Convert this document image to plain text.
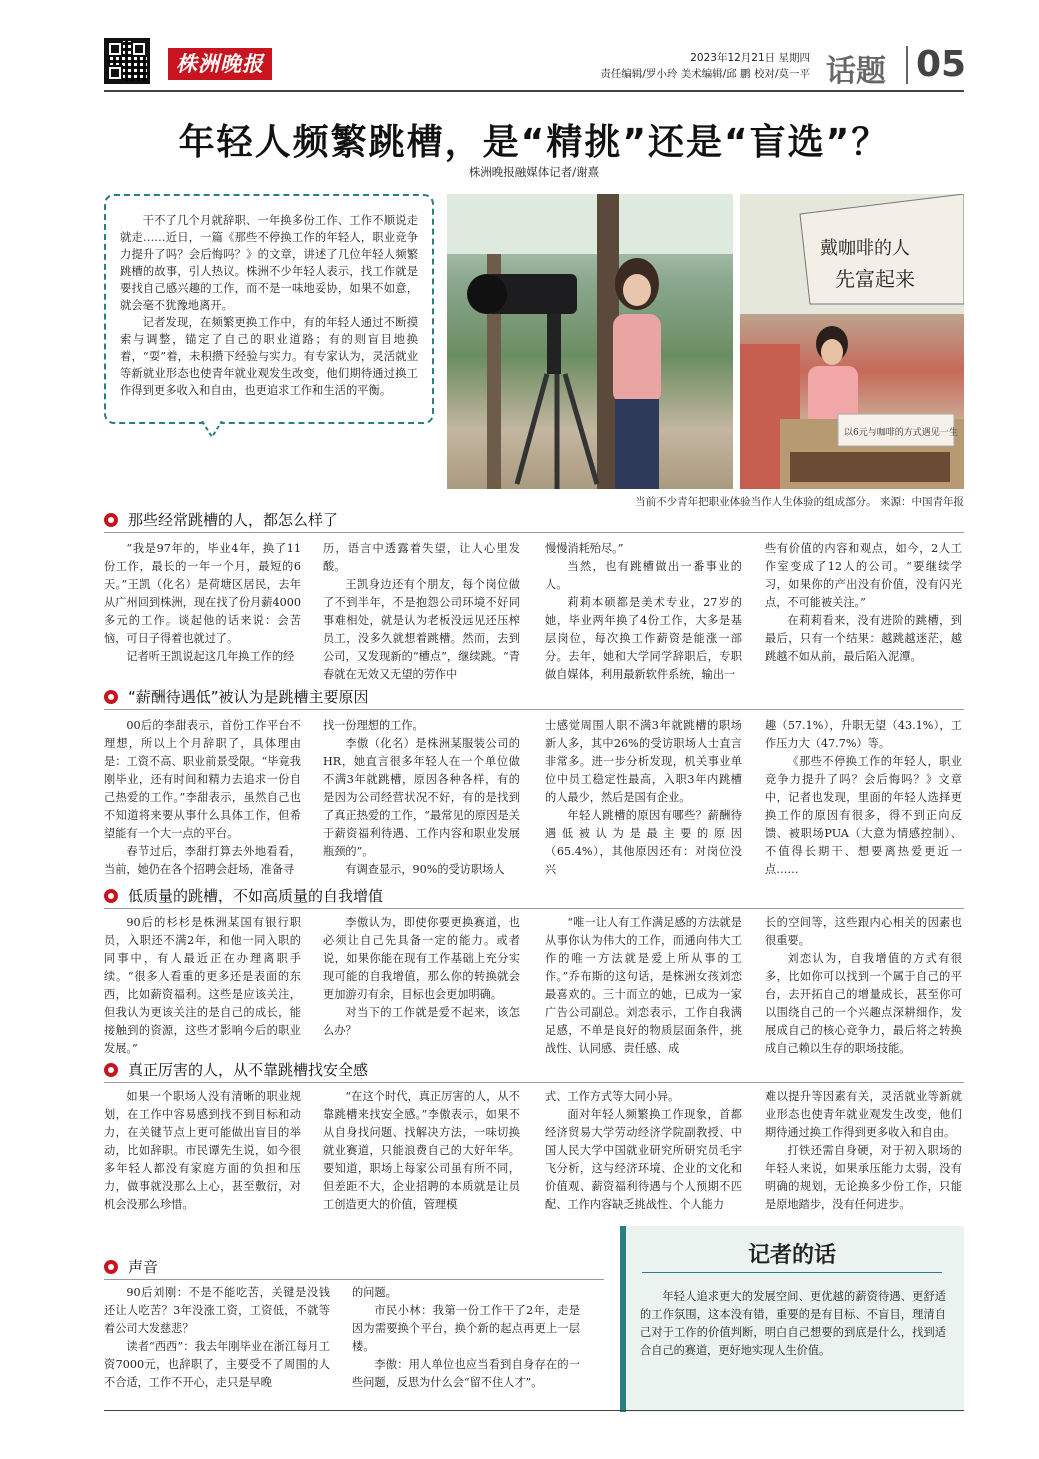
株洲晚报	2023年12月21日 星期四
责任编辑/罗小玲 美术编辑/邱 鹏 校对/莫一平 话题 05
年轻人频繁跳槽，是“精挑”还是“盲选”？
株洲晚报融媒体记者/谢熹

干不了几个月就辞职、一年换多份工作、工作不顺说走就走……近日，一篇《那些不停换工作的年轻人，职业竞争力提升了吗？会后悔吗？》的文章，讲述了几位年轻人频繁跳槽的故事，引人热议。株洲不少年轻人表示，找工作就是要找自己感兴趣的工作，而不是一味地妥协，如果不如意，就会毫不犹豫地离开。

记者发现，在频繁更换工作中，有的年轻人通过不断摸索与调整，锚定了自己的职业道路；有的则盲目地换着，“耍”着，未积攒下经验与实力。有专家认为，灵活就业等新就业形态也使青年就业观发生改变，他们期待通过换工作得到更多收入和自由，也更追求工作和生活的平衡。

戴咖啡的人
先富起来
以6元与咖啡的方式遇见一生
当前不少青年把职业体验当作人生体验的组成部分。 来源：中国青年报
那些经常跳槽的人，都怎么样了

“我是97年的，毕业4年，换了11份工作，最长的一年一个月，最短的6天。”王凯（化名）是荷塘区居民，去年从广州回到株洲，现在找了份月薪4000多元的工作。谈起他的话来说：会苦恼，可日子得着也就过了。

记者听王凯说起这几年换工作的经

历，语言中透露着失望，让人心里发酸。

王凯身边还有个朋友，每个岗位做了不到半年，不是抱怨公司环境不好同事难相处，就是认为老板没远见还压榨员工，没多久就想着跳槽。然而，去到公司，又发现新的“槽点”，继续跳。“青春就在无效又无望的劳作中

慢慢消耗殆尽。”

当然，也有跳槽做出一番事业的人。

莉莉本硕都是美术专业，27岁的她，毕业两年换了4份工作，大多是基层岗位，每次换工作薪资是能涨一部分。去年，她和大学同学辞职后，专职做自媒体，利用最新软件系统，输出一

些有价值的内容和观点，如今，2人工作室变成了12人的公司。“要继续学习，如果你的产出没有价值，没有闪光点，不可能被关注。”

在莉莉看来，没有进阶的跳槽，到最后，只有一个结果：越跳越迷茫，越跳越不如从前，最后陷入泥潭。

“薪酬待遇低”被认为是跳槽主要原因

00后的李甜表示，首份工作平台不理想，所以上个月辞职了，具体理由是：工资不高、职业前景受限。“毕竟我刚毕业，还有时间和精力去追求一份自己热爱的工作。”李甜表示，虽然自己也不知道将来要从事什么具体工作，但希望能有一个大一点的平台。

春节过后，李甜打算去外地看看，当前，她仍在各个招聘会赶场，准备寻

找一份理想的工作。

李傲（化名）是株洲某服装公司的HR，她直言很多年轻人在一个单位做不满3年就跳槽，原因各种各样，有的是因为公司经营状况不好，有的是找到了真正热爱的工作，“最常见的原因是关于薪资福利待遇、工作内容和职业发展瓶颈的”。

有调查显示，90%的受访职场人

士感觉周围人职不满3年就跳槽的职场新人多，其中26%的受访职场人士直言非常多。进一步分析发现，机关事业单位中员工稳定性最高，入职3年内跳槽的人最少，然后是国有企业。

年轻人跳槽的原因有哪些？薪酬待遇低被认为是最主要的原因（65.4%），其他原因还有：对岗位没兴

趣（57.1%），升职无望（43.1%），工作压力大（47.7%）等。

《那些不停换工作的年轻人，职业竞争力提升了吗？会后悔吗？》文章中，记者也发现，里面的年轻人选择更换工作的原因有很多，得不到正向反馈、被职场PUA（大意为情感控制）、不值得长期干、想要离热爱更近一点……

低质量的跳槽，不如高质量的自我增值

90后的杉杉是株洲某国有银行职员，入职还不满2年，和他一同入职的同事中，有人最近正在办理离职手续。“很多人看重的更多还是表面的东西，比如薪资福利。这些是应该关注，但我认为更该关注的是自己的成长，能接触到的资源，这些才影响今后的职业发展。”

李傲认为，即使你要更换赛道，也必须让自己先具备一定的能力。或者说，如果你能在现有工作基础上充分实现可能的自我增值，那么你的转换就会更加游刃有余，目标也会更加明确。

对当下的工作就是爱不起来，该怎么办？

“唯一让人有工作满足感的方法就是从事你认为伟大的工作，而通向伟大工作的唯一方法就是爱上所从事的工作。”乔布斯的这句话，是株洲女孩刘恋最喜欢的。三十而立的她，已成为一家广告公司副总。刘恋表示，工作自我满足感，不单是良好的物质层面条件，挑战性、认同感、责任感、成

长的空间等，这些跟内心相关的因素也很重要。

刘恋认为，自我增值的方式有很多，比如你可以找到一个属于自己的平台，去开拓自己的增量成长，甚至你可以围绕自己的一个兴趣点深耕细作，发展成自己的核心竞争力，最后将之转换成自己赖以生存的职场技能。

真正厉害的人，从不靠跳槽找安全感

如果一个职场人没有清晰的职业规划，在工作中容易感到找不到目标和动力，在关键节点上更可能做出盲目的举动，比如辞职。市民谭先生说，如今很多年轻人都没有家庭方面的负担和压力，做事就没那么上心，甚至敷衍，对机会没那么珍惜。

“在这个时代，真正厉害的人，从不靠跳槽来找安全感。”李傲表示，如果不从自身找问题、找解决方法，一味切换就业赛道，只能浪费自己的大好年华。要知道，职场上每家公司虽有所不同，但差距不大，企业招聘的本质就是让员工创造更大的价值，管理模

式、工作方式等大同小异。

面对年轻人频繁换工作现象，首都经济贸易大学劳动经济学院副教授、中国人民大学中国就业研究所研究员毛宇飞分析，这与经济环境、企业的文化和价值观、薪资福利待遇与个人预期不匹配、工作内容缺乏挑战性、个人能力

难以提升等因素有关，灵活就业等新就业形态也使青年就业观发生改变，他们期待通过换工作得到更多收入和自由。

打铁还需自身硬，对于初入职场的年轻人来说，如果承压能力太弱，没有明确的规划，无论换多少份工作，只能是原地踏步，没有任何进步。

声音

90后刘刚：不是不能吃苦，关键是没钱还让人吃苦？3年没涨工资，工资低，不就等着公司大发慈悲？

读者“西西”：我去年刚毕业在浙江每月工资7000元，也辞职了，主要受不了周围的人不合适，工作不开心，走只是早晚

的问题。

市民小林：我第一份工作干了2年，走是因为需要换个平台，换个新的起点再更上一层楼。

李傲：用人单位也应当看到自身存在的一些问题，反思为什么会“留不住人才”。

记者的话

年轻人追求更大的发展空间、更优越的薪资待遇、更舒适的工作氛围，这本没有错，重要的是有目标、不盲目，理清自己对于工作的价值判断，明白自己想要的到底是什么，找到适合自己的赛道，更好地实现人生价值。
